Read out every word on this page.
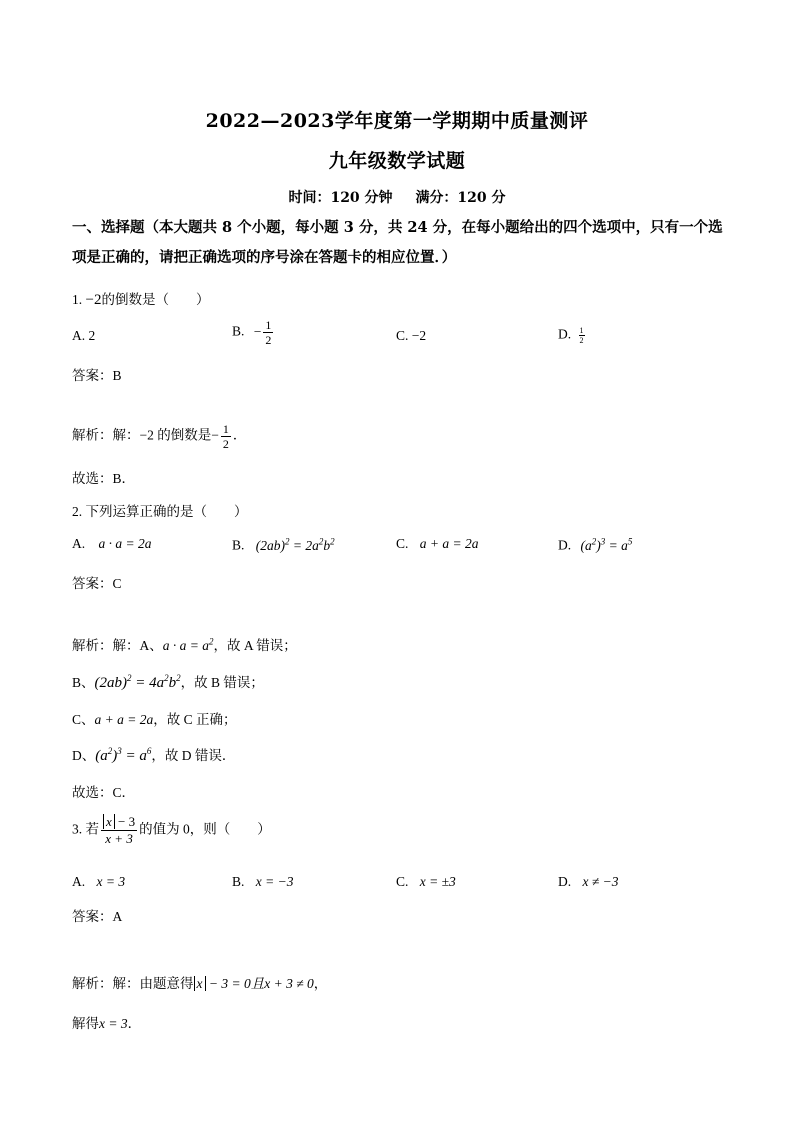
2022—2023学年度第一学期期中质量测评
九年级数学试题
时间：120 分钟 满分：120 分
一、选择题（本大题共 8 个小题，每小题 3 分，共 24 分，在每小题给出的四个选项中，只有一个选项是正确的，请把正确选项的序号涂在答题卡的相应位置．）
1. −2的倒数是（　　）
A. 2	B. − $\frac{1}{2}$	C. −2	D. $\frac{1}{2}$
答案：B
解析：解：−2 的倒数是− $\frac{1}{2}$ ．
故选：B．
2. 下列运算正确的是（　　）
A. a · a = 2a	B. $(2ab)^2 = 2a^2b^2$	C. a + a = 2a	D. $(a^2)^3 = a^5$
答案：C
解析：解：A、$a \cdot a = a^2$，故 A 错误；
B、$(2ab)^2 = 4a^2b^2$，故 B 错误；
C、a + a = 2a，故 C 正确；
D、$(a^2)^3 = a^6$，故 D 错误．
故选：C．
3. 若 $\frac{x - 3}{x + 3}$ 的值为 0，则（　　）
A. x = 3	B. x = −3	C. x = ±3	D. x ≠ −3
答案：A
解析：解：由题意得 x − 3 = 0且x + 3 ≠ 0，
解得x = 3．
